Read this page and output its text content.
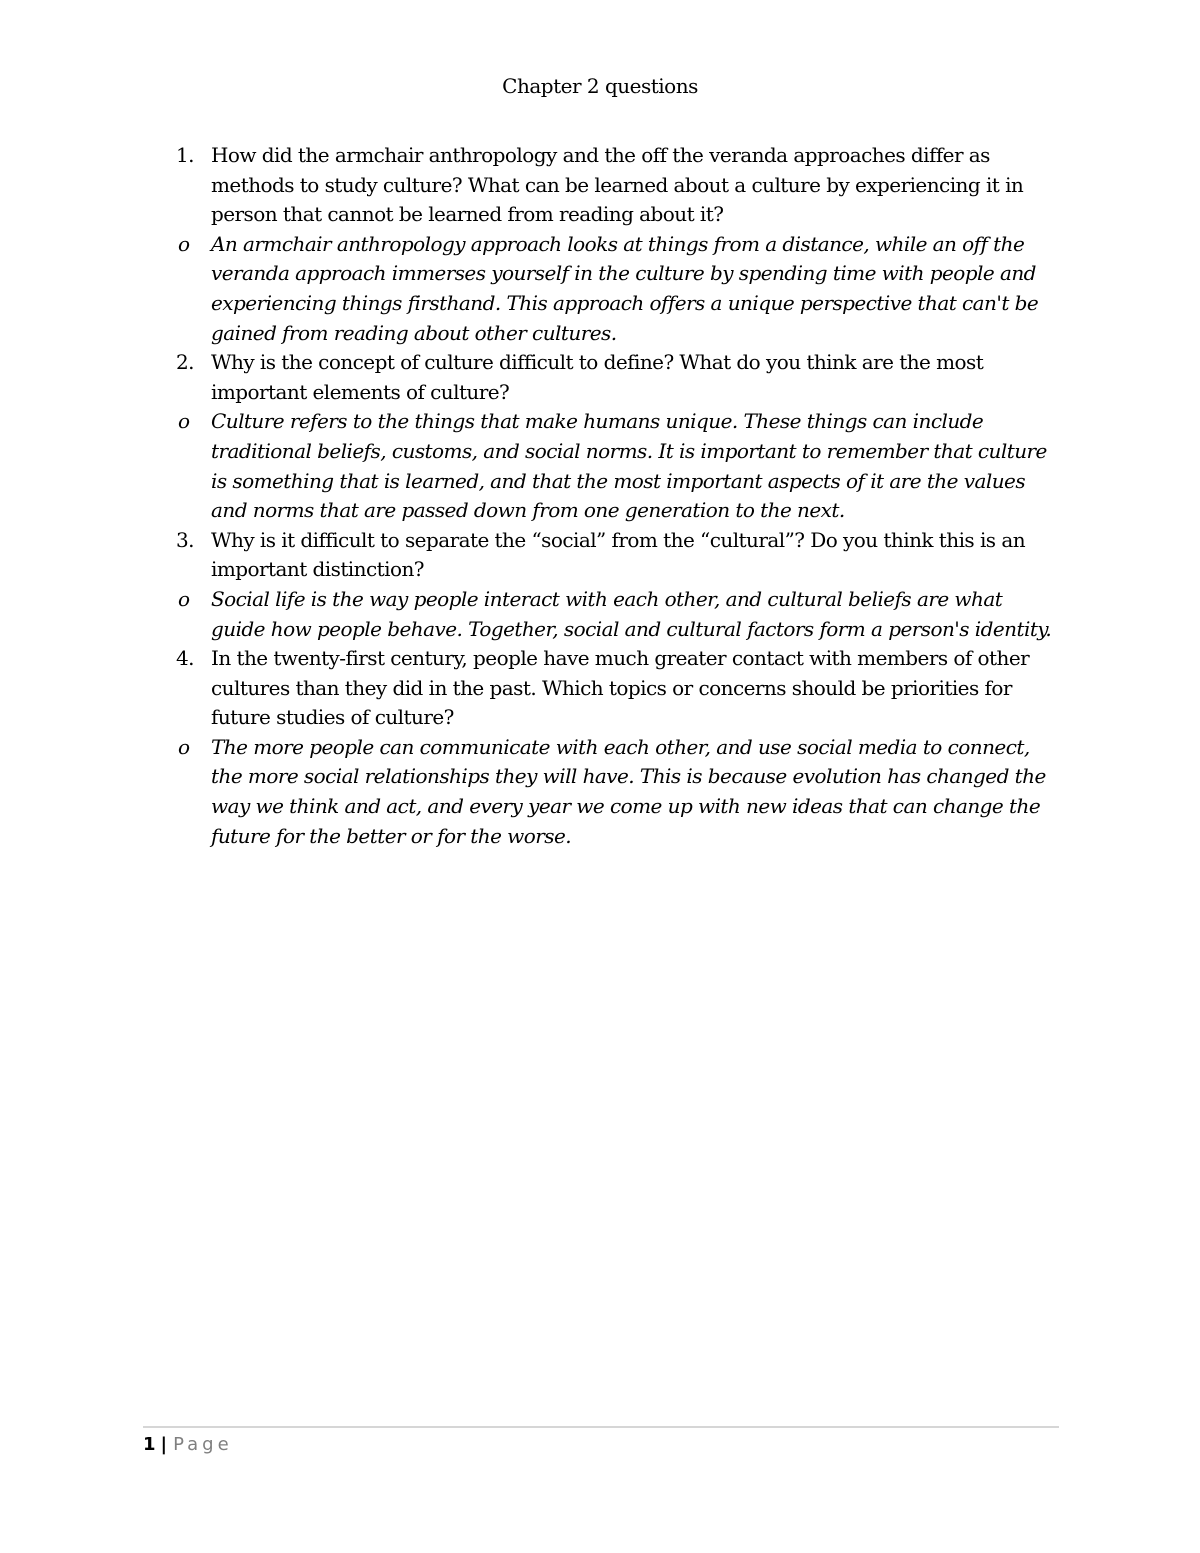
Chapter 2 questions
1. How did the armchair anthropology and the off the veranda approaches differ as methods to study culture? What can be learned about a culture by experiencing it in person that cannot be learned from reading about it?
o An armchair anthropology approach looks at things from a distance, while an off the veranda approach immerses yourself in the culture by spending time with people and experiencing things firsthand. This approach offers a unique perspective that can't be gained from reading about other cultures.
2. Why is the concept of culture difficult to define? What do you think are the most important elements of culture?
o Culture refers to the things that make humans unique. These things can include traditional beliefs, customs, and social norms. It is important to remember that culture is something that is learned, and that the most important aspects of it are the values and norms that are passed down from one generation to the next.
3. Why is it difficult to separate the “social” from the “cultural”? Do you think this is an important distinction?
o Social life is the way people interact with each other, and cultural beliefs are what guide how people behave. Together, social and cultural factors form a person's identity.
4. In the twenty-first century, people have much greater contact with members of other cultures than they did in the past. Which topics or concerns should be priorities for future studies of culture?
o The more people can communicate with each other, and use social media to connect, the more social relationships they will have. This is because evolution has changed the way we think and act, and every year we come up with new ideas that can change the future for the better or for the worse.
1 | Page
